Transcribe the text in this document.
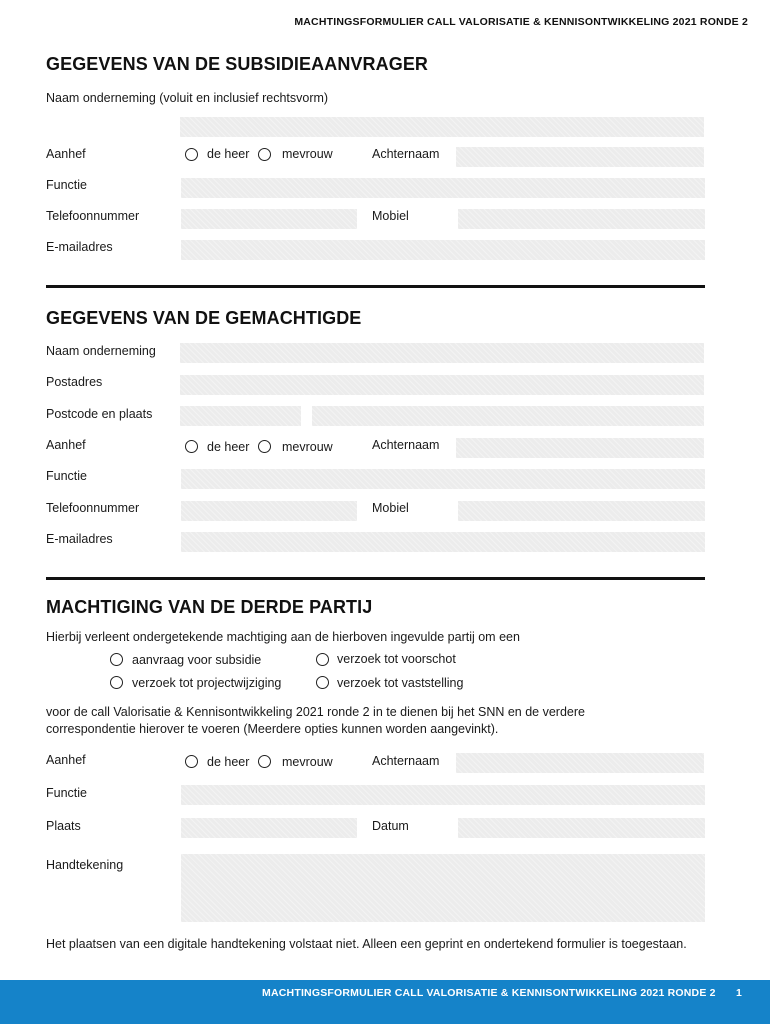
MACHTINGSFORMULIER CALL VALORISATIE & KENNISONTWIKKELING 2021 RONDE 2
GEGEVENS VAN DE SUBSIDIEAANVRAGER
Naam onderneming (voluit en inclusief rechtsvorm)
Aanhef	de heer	mevrouw	Achternaam
Functie
Telefoonnummer	Mobiel
E-mailadres
GEGEVENS VAN DE GEMACHTIGDE
Naam onderneming
Postadres
Postcode en plaats
Aanhef	de heer	mevrouw	Achternaam
Functie
Telefoonnummer	Mobiel
E-mailadres
MACHTIGING VAN DE DERDE PARTIJ
Hierbij verleent ondergetekende machtiging aan de hierboven ingevulde partij om een
aanvraag voor subsidie	verzoek tot voorschot
verzoek tot projectwijziging	verzoek tot vaststelling
voor de call Valorisatie & Kennisontwikkeling 2021 ronde 2 in te dienen bij het SNN en de verdere
correspondentie hierover te voeren (Meerdere opties kunnen worden aangevinkt).
Aanhef	de heer	mevrouw	Achternaam
Functie
Plaats	Datum
Handtekening
Het plaatsen van een digitale handtekening volstaat niet. Alleen een geprint en ondertekend formulier is toegestaan.
MACHTINGSFORMULIER CALL VALORISATIE & KENNISONTWIKKELING 2021 RONDE 2 1
